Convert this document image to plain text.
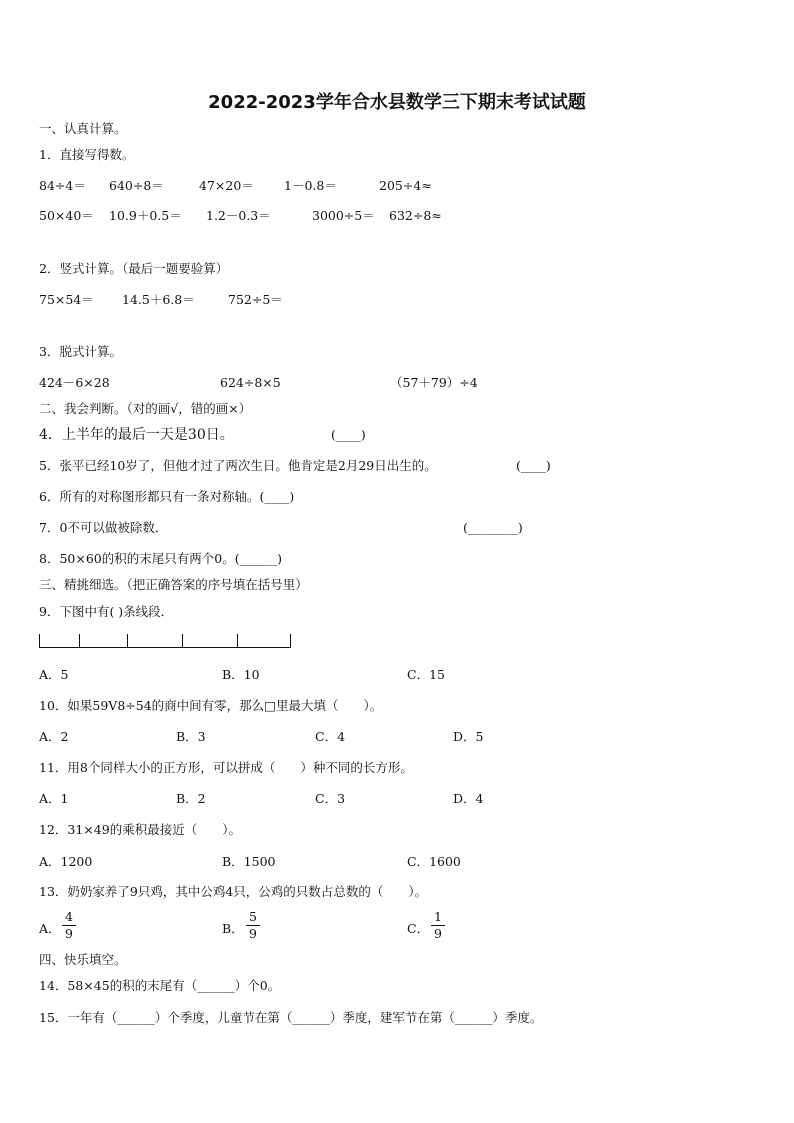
2022-2023学年合水县数学三下期末考试试题
一、认真计算。
1．直接写得数。
84÷4＝ 640÷8＝	47×20＝ 1－0.8＝	205÷4≈
50×40＝ 10.9＋0.5＝ 1.2－0.3＝	3000÷5＝ 632÷8≈
2．竖式计算。（最后一题要验算）
75×54＝ 14.5＋6.8＝	752÷5＝
3．脱式计算。
424－6×28	624÷8×5	（57＋79）÷4
二、我会判断。（对的画√，错的画×）
4．上半年的最后一天是30日。	(____)
5．张平已经10岁了，但他才过了两次生日。他肯定是2月29日出生的。	(____)
6．所有的对称图形都只有一条对称轴。(____)
7．0不可以做被除数．	(________)
8．50×60的积的末尾只有两个0。(______)
三、精挑细选。（把正确答案的序号填在括号里）
9．下图中有( )条线段．
A．5	B．10	C．15
10．如果59V8÷54的商中间有零，那么□里最大填（　　）。
A．2	B．3	C．4	D．5
11．用8个同样大小的正方形，可以拼成（　　）种不同的长方形。
A．1	B．2	C．3	D．4
12．31×49的乘积最接近（　　）。
A．1200	B．1500	C．1600
13．奶奶家养了9只鸡，其中公鸡4只，公鸡的只数占总数的（　　）。
A．
4
9	B．
5
9	C．
1
9
四、快乐填空。
14．58×45的积的末尾有（______）个0。
15．一年有（______）个季度，儿童节在第（______）季度，建军节在第（______）季度。
